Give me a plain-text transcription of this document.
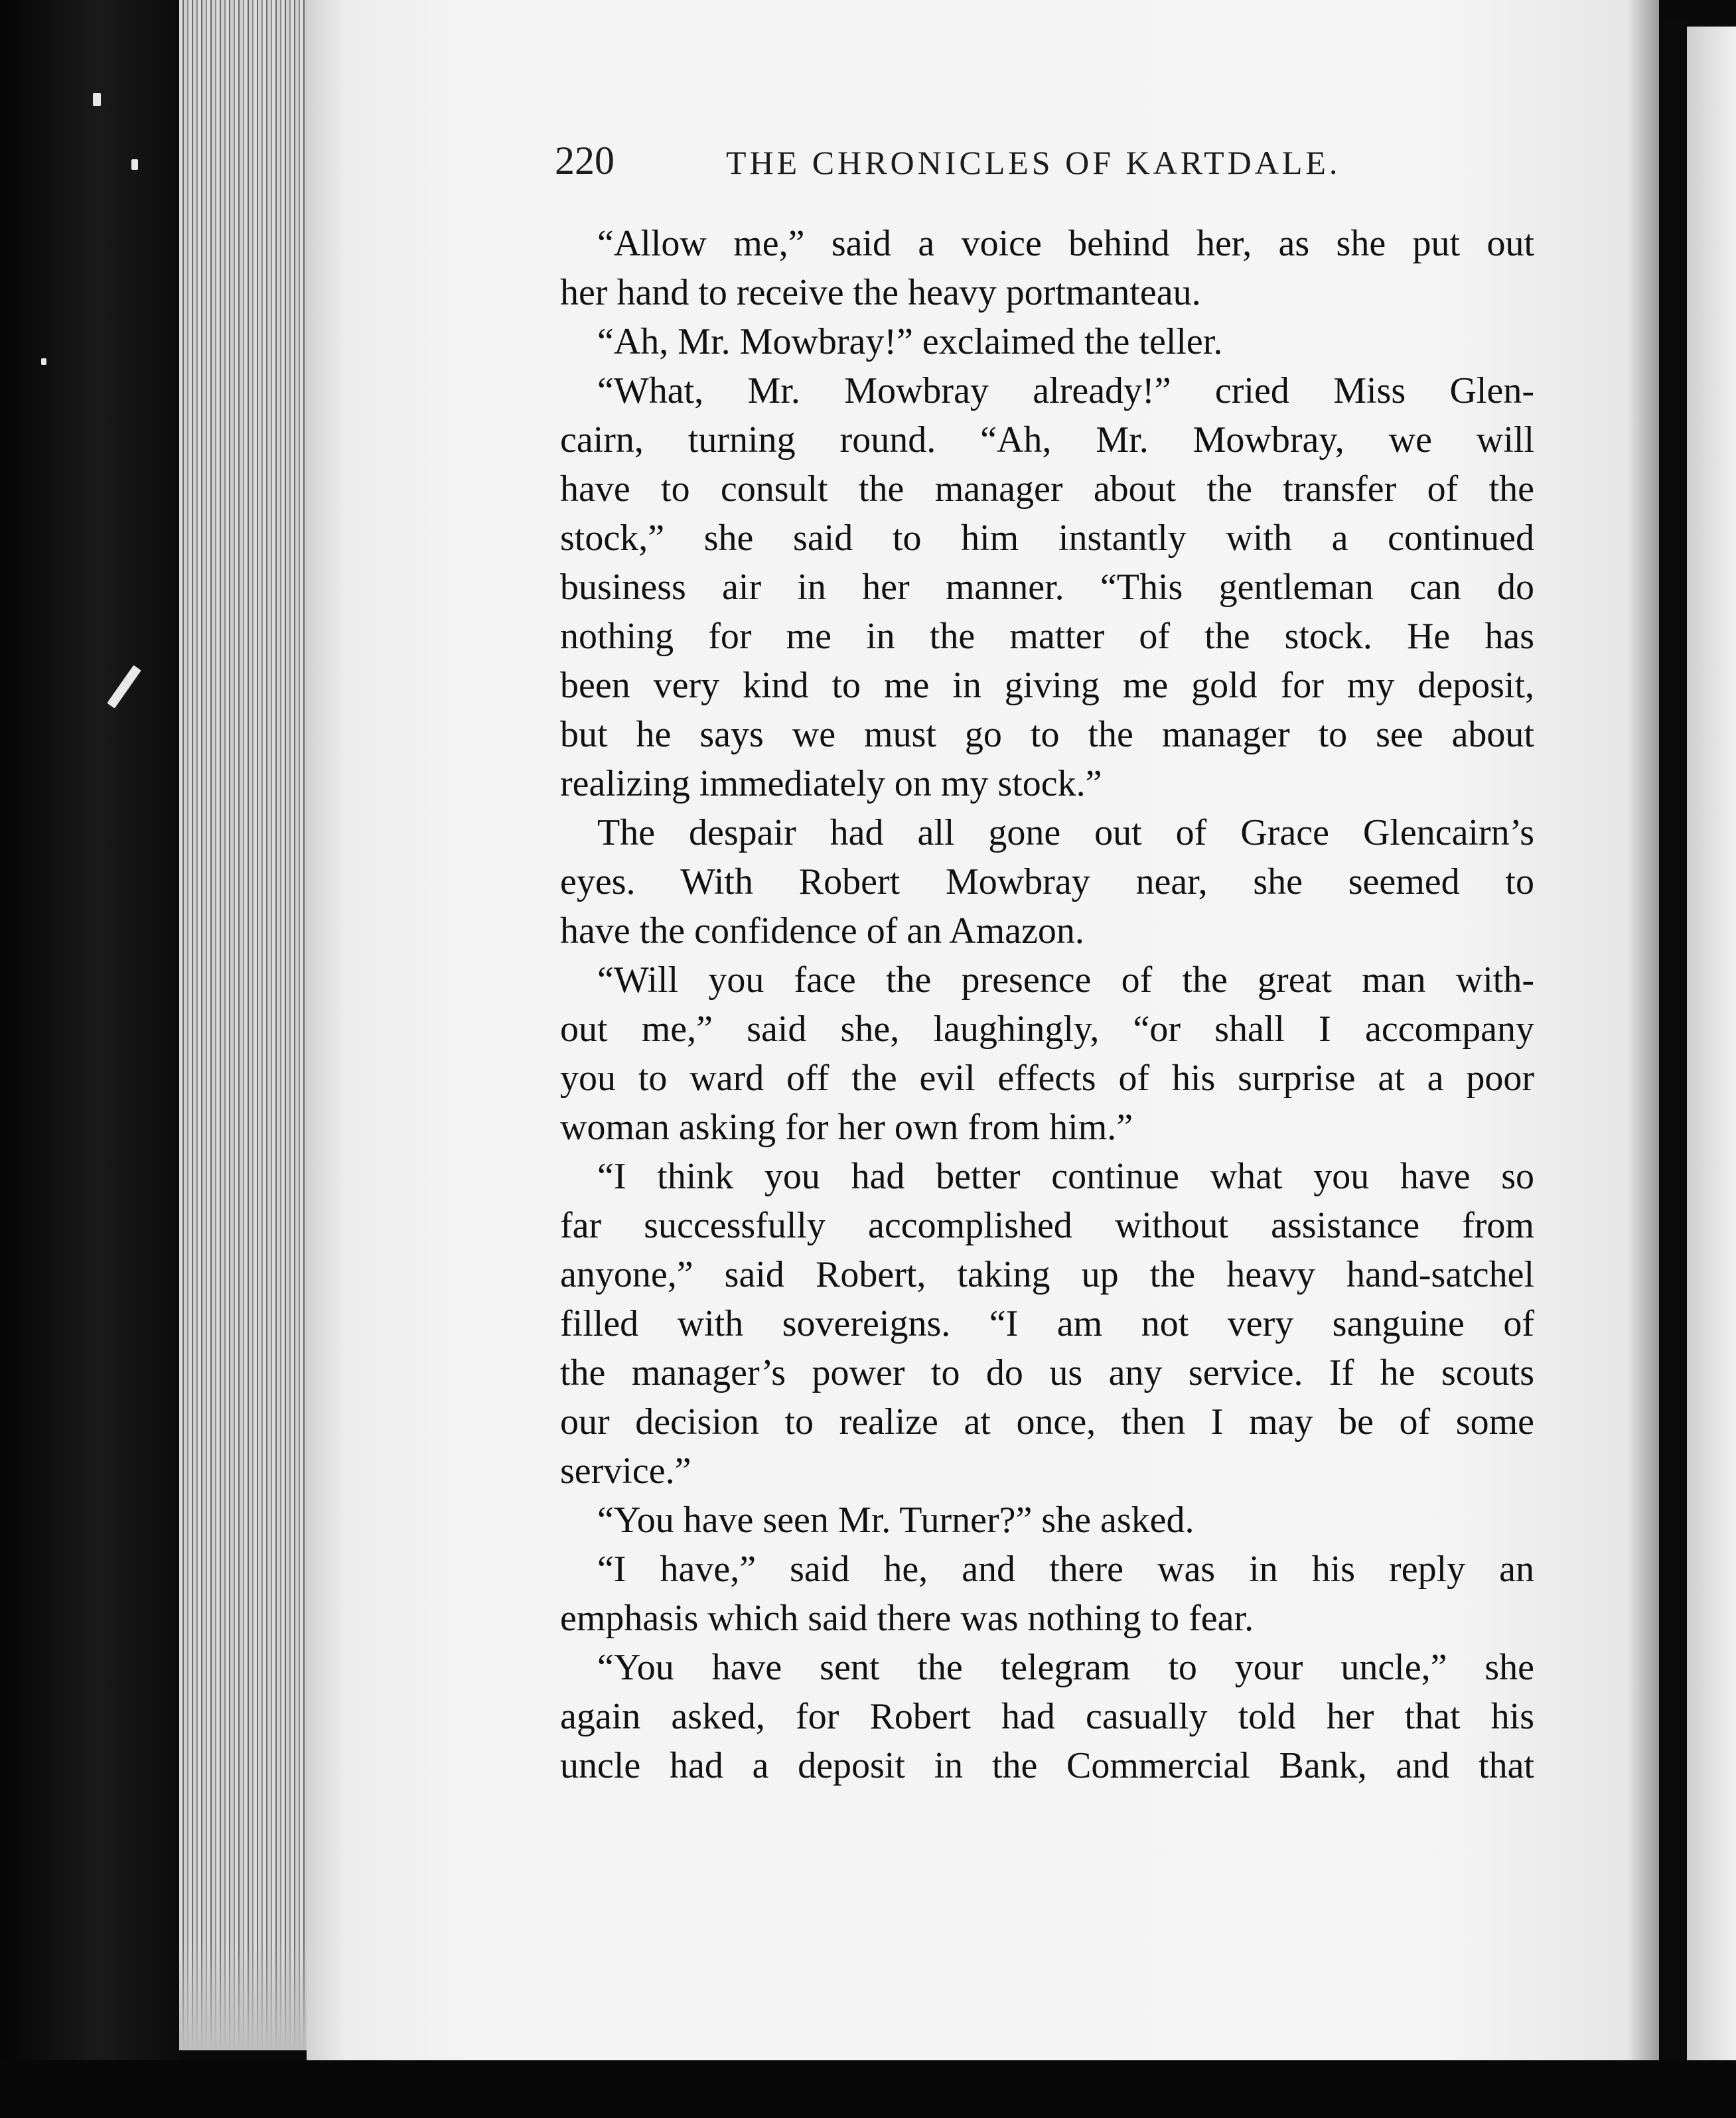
220	THE CHRONICLES OF KARTDALE.
“Allow me,” said a voice behind her, as she put out
her hand to receive the heavy portmanteau.
“Ah, Mr. Mowbray!” exclaimed the teller.
“What, Mr. Mowbray already!” cried Miss Glen-
cairn, turning round. “Ah, Mr. Mowbray, we will
have to consult the manager about the transfer of the
stock,” she said to him instantly with a continued
business air in her manner. “This gentleman can do
nothing for me in the matter of the stock. He has
been very kind to me in giving me gold for my deposit,
but he says we must go to the manager to see about
realizing immediately on my stock.”
The despair had all gone out of Grace Glencairn’s
eyes. With Robert Mowbray near, she seemed to
have the confidence of an Amazon.
“Will you face the presence of the great man with-
out me,” said she, laughingly, “or shall I accompany
you to ward off the evil effects of his surprise at a poor
woman asking for her own from him.”
“I think you had better continue what you have so
far successfully accomplished without assistance from
anyone,” said Robert, taking up the heavy hand-satchel
filled with sovereigns. “I am not very sanguine of
the manager’s power to do us any service. If he scouts
our decision to realize at once, then I may be of some
service.”
“You have seen Mr. Turner?” she asked.
“I have,” said he, and there was in his reply an
emphasis which said there was nothing to fear.
“You have sent the telegram to your uncle,” she
again asked, for Robert had casually told her that his
uncle had a deposit in the Commercial Bank, and that
